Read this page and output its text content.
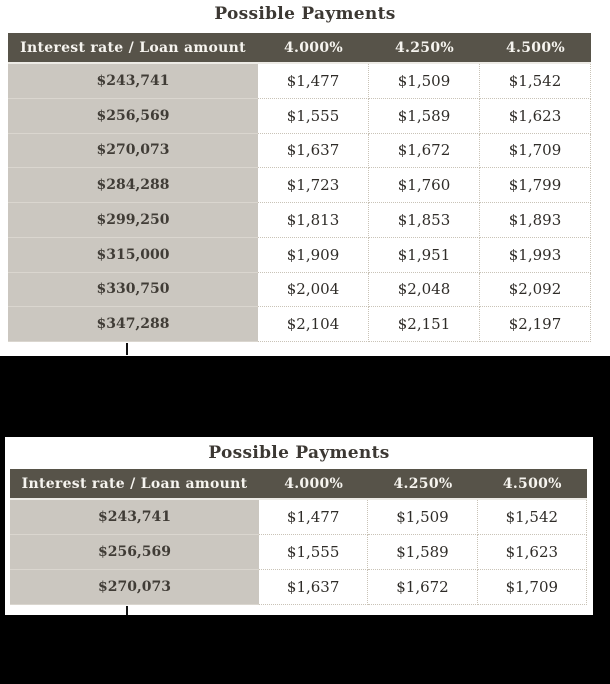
Possible Payments
Interest rate / Loan amount	4.000%	4.250%	4.500%
$243,741	$1,477	$1,509	$1,542
$256,569	$1,555	$1,589	$1,623
$270,073	$1,637	$1,672	$1,709
$284,288	$1,723	$1,760	$1,799
$299,250	$1,813	$1,853	$1,893
$315,000	$1,909	$1,951	$1,993
$330,750	$2,004	$2,048	$2,092
$347,288	$2,104	$2,151	$2,197
Possible Payments
Interest rate / Loan amount	4.000%	4.250%	4.500%
$243,741	$1,477	$1,509	$1,542
$256,569	$1,555	$1,589	$1,623
$270,073	$1,637	$1,672	$1,709
